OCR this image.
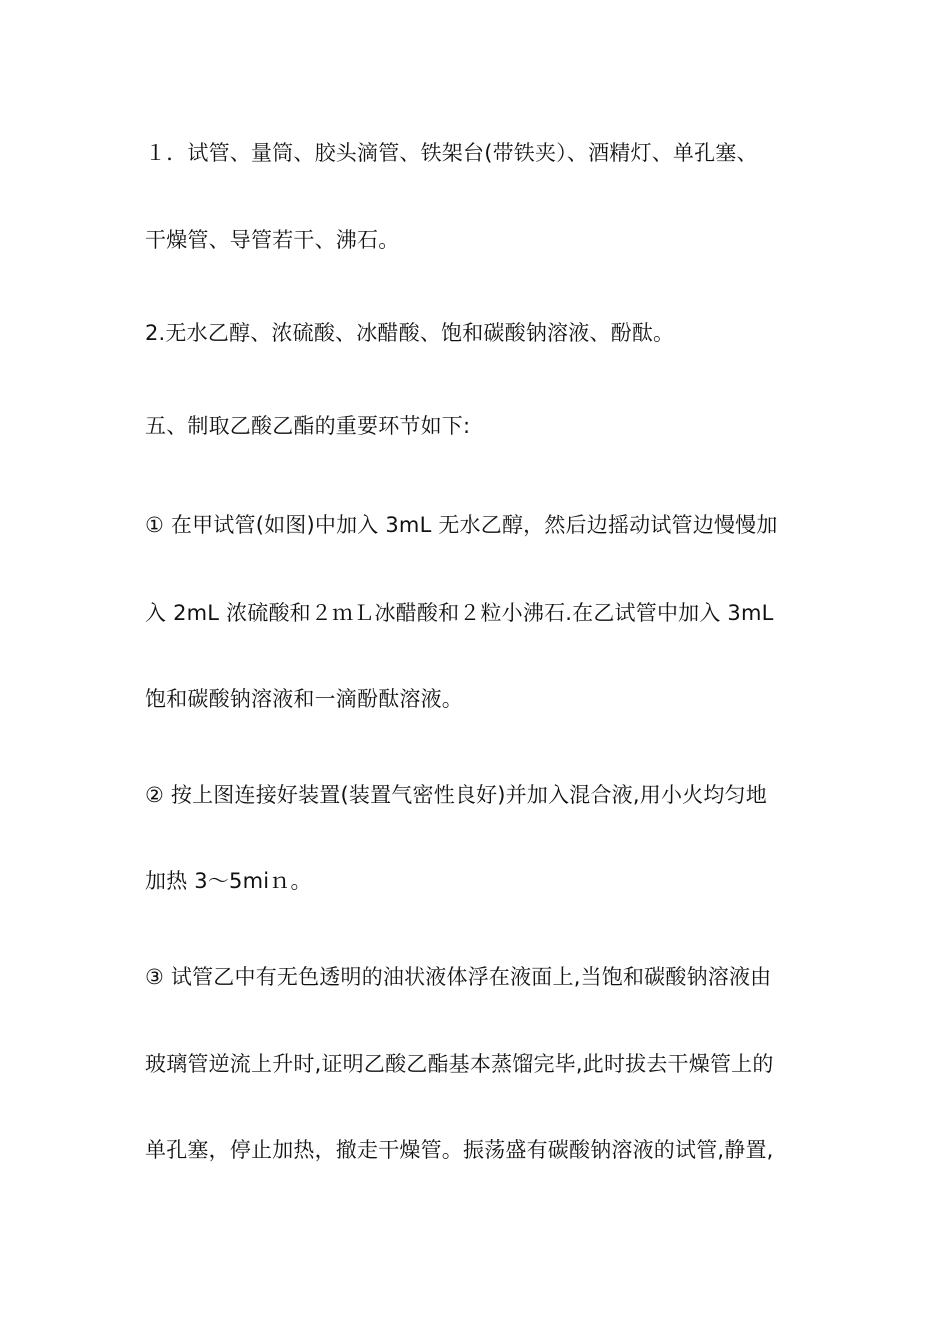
１．试管、量筒、胶头滴管、铁架台(带铁夹）、酒精灯、单孔塞、
干燥管、导管若干、沸石。
2.无水乙醇、浓硫酸、冰醋酸、饱和碳酸钠溶液、酚酞。
五、制取乙酸乙酯的重要环节如下:
① 在甲试管(如图)中加入 3mL 无水乙醇，然后边摇动试管边慢慢加
入 2mL 浓硫酸和２ｍＬ冰醋酸和２粒小沸石.在乙试管中加入 3mL
饱和碳酸钠溶液和一滴酚酞溶液。
② 按上图连接好装置(装置气密性良好)并加入混合液,用小火均匀地
加热 3～5miｎ。
③ 试管乙中有无色透明的油状液体浮在液面上,当饱和碳酸钠溶液由
玻璃管逆流上升时,证明乙酸乙酯基本蒸馏完毕,此时拔去干燥管上的
单孔塞，停止加热，撤走干燥管。振荡盛有碳酸钠溶液的试管,静置,
